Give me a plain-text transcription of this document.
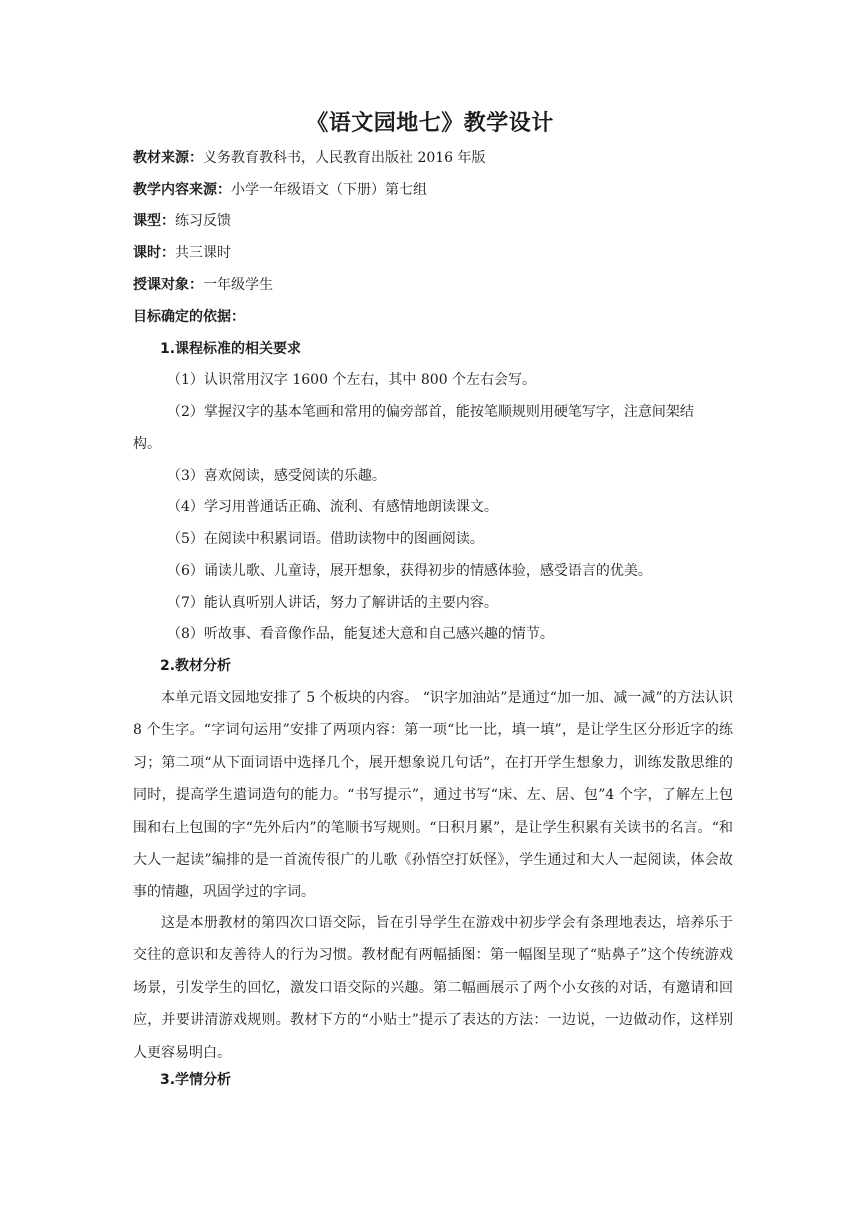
《语文园地七》教学设计
教材来源：义务教育教科书，人民教育出版社 2016 年版
教学内容来源：小学一年级语文（下册）第七组
课型：练习反馈
课时：共三课时
授课对象：一年级学生
目标确定的依据：
1.课程标准的相关要求
（1）认识常用汉字 1600 个左右，其中 800 个左右会写。
（2）掌握汉字的基本笔画和常用的偏旁部首，能按笔顺规则用硬笔写字，注意间架结
构。
（3）喜欢阅读，感受阅读的乐趣。
（4）学习用普通话正确、流利、有感情地朗读课文。
（5）在阅读中积累词语。借助读物中的图画阅读。
（6）诵读儿歌、儿童诗，展开想象，获得初步的情感体验，感受语言的优美。
（7）能认真听别人讲话，努力了解讲话的主要内容。
（8）听故事、看音像作品，能复述大意和自己感兴趣的情节。
2.教材分析
本单元语文园地安排了 5 个板块的内容。 “识字加油站”是通过“加一加、减一减”的方法认识 8 个生字。“字词句运用”安排了两项内容：第一项“比一比，填一填”，是让学生区分形近字的练习；第二项“从下面词语中选择几个，展开想象说几句话”，在打开学生想象力，训练发散思维的同时，提高学生遣词造句的能力。“书写提示”，通过书写“床、左、居、包”4 个字，了解左上包围和右上包围的字“先外后内”的笔顺书写规则。“日积月累”，是让学生积累有关读书的名言。“和大人一起读”编排的是一首流传很广的儿歌《孙悟空打妖怪》，学生通过和大人一起阅读，体会故事的情趣，巩固学过的字词。
这是本册教材的第四次口语交际，旨在引导学生在游戏中初步学会有条理地表达，培养乐于交往的意识和友善待人的行为习惯。教材配有两幅插图：第一幅图呈现了“贴鼻子”这个传统游戏场景，引发学生的回忆，激发口语交际的兴趣。第二幅画展示了两个小女孩的对话，有邀请和回应，并要讲清游戏规则。教材下方的“小贴士”提示了表达的方法：一边说，一边做动作，这样别人更容易明白。
3.学情分析
